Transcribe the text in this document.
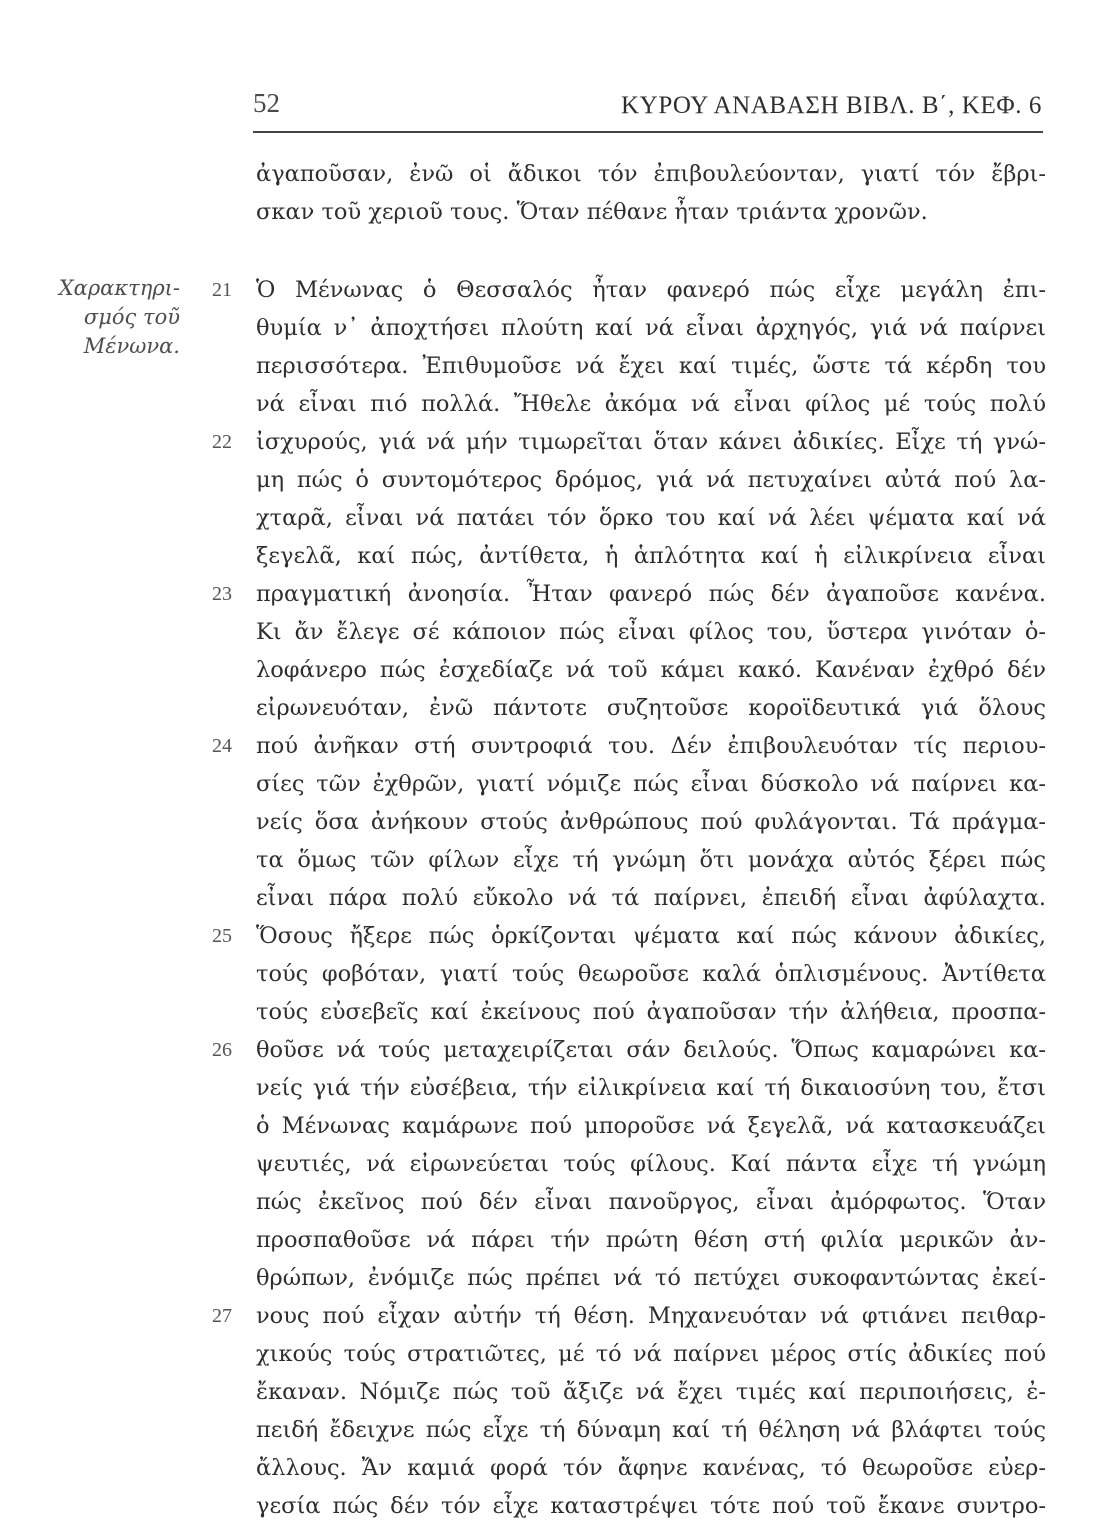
52	ΚΥΡΟΥ ΑΝΑΒΑΣΗ ΒΙΒΛ. Β΄, ΚΕΦ. 6
Χαρακτηρι-
σμός τοῦ
Μένωνα.
ἀγαποῦσαν, ἐνῶ οἱ ἄδικοι τόν ἐπιβουλεύονταν, γιατί τόν ἔβρι-
σκαν τοῦ χεριοῦ τους. Ὅταν πέθανε ἦταν τριάντα χρονῶν.
Ὁ Μένωνας ὁ Θεσσαλός ἦταν φανερό πώς εἶχε μεγάλη ἐπι-
21
θυμία ν᾽ ἀποχτήσει πλούτη καί νά εἶναι ἀρχηγός, γιά νά παίρνει
περισσότερα. Ἐπιθυμοῦσε νά ἔχει καί τιμές, ὥστε τά κέρδη του
νά εἶναι πιό πολλά. Ἤθελε ἀκόμα νά εἶναι φίλος μέ τούς πολύ
ἰσχυρούς, γιά νά μήν τιμωρεῖται ὅταν κάνει ἀδικίες. Εἶχε τή γνώ-
22
μη πώς ὁ συντομότερος δρόμος, γιά νά πετυχαίνει αὐτά πού λα-
χταρᾶ, εἶναι νά πατάει τόν ὅρκο του καί νά λέει ψέματα καί νά
ξεγελᾶ, καί πώς, ἀντίθετα, ἡ ἁπλότητα καί ἡ εἰλικρίνεια εἶναι
πραγματική ἀνοησία. Ἦταν φανερό πώς δέν ἀγαποῦσε κανένα.
23
Κι ἄν ἔλεγε σέ κάποιον πώς εἶναι φίλος του, ὕστερα γινόταν ὁ-
λοφάνερο πώς ἐσχεδίαζε νά τοῦ κάμει κακό. Κανέναν ἐχθρό δέν
εἰρωνευόταν, ἐνῶ πάντοτε συζητοῦσε κοροϊδευτικά γιά ὅλους
πού ἀνῆκαν στή συντροφιά του. Δέν ἐπιβουλευόταν τίς περιου-
24
σίες τῶν ἐχθρῶν, γιατί νόμιζε πώς εἶναι δύσκολο νά παίρνει κα-
νείς ὅσα ἀνήκουν στούς ἀνθρώπους πού φυλάγονται. Τά πράγμα-
τα ὅμως τῶν φίλων εἶχε τή γνώμη ὅτι μονάχα αὐτός ξέρει πώς
εἶναι πάρα πολύ εὔκολο νά τά παίρνει, ἐπειδή εἶναι ἀφύλαχτα.
Ὅσους ἤξερε πώς ὁρκίζονται ψέματα καί πώς κάνουν ἀδικίες,
25
τούς φοβόταν, γιατί τούς θεωροῦσε καλά ὁπλισμένους. Ἀντίθετα
τούς εὐσεβεῖς καί ἐκείνους πού ἀγαποῦσαν τήν ἀλήθεια, προσπα-
θοῦσε νά τούς μεταχειρίζεται σάν δειλούς. Ὅπως καμαρώνει κα-
26
νείς γιά τήν εὐσέβεια, τήν εἰλικρίνεια καί τή δικαιοσύνη του, ἔτσι
ὁ Μένωνας καμάρωνε πού μποροῦσε νά ξεγελᾶ, νά κατασκευάζει
ψευτιές, νά εἰρωνεύεται τούς φίλους. Καί πάντα εἶχε τή γνώμη
πώς ἐκεῖνος πού δέν εἶναι πανοῦργος, εἶναι ἀμόρφωτος. Ὅταν
προσπαθοῦσε νά πάρει τήν πρώτη θέση στή φιλία μερικῶν ἀν-
θρώπων, ἐνόμιζε πώς πρέπει νά τό πετύχει συκοφαντώντας ἐκεί-
νους πού εἶχαν αὐτήν τή θέση. Μηχανευόταν νά φτιάνει πειθαρ-
27
χικούς τούς στρατιῶτες, μέ τό νά παίρνει μέρος στίς ἀδικίες πού
ἔκαναν. Νόμιζε πώς τοῦ ἄξιζε νά ἔχει τιμές καί περιποιήσεις, ἐ-
πειδή ἔδειχνε πώς εἶχε τή δύναμη καί τή θέληση νά βλάφτει τούς
ἄλλους. Ἄν καμιά φορά τόν ἄφηνε κανένας, τό θεωροῦσε εὐερ-
γεσία πώς δέν τόν εἶχε καταστρέψει τότε πού τοῦ ἔκανε συντρο-
